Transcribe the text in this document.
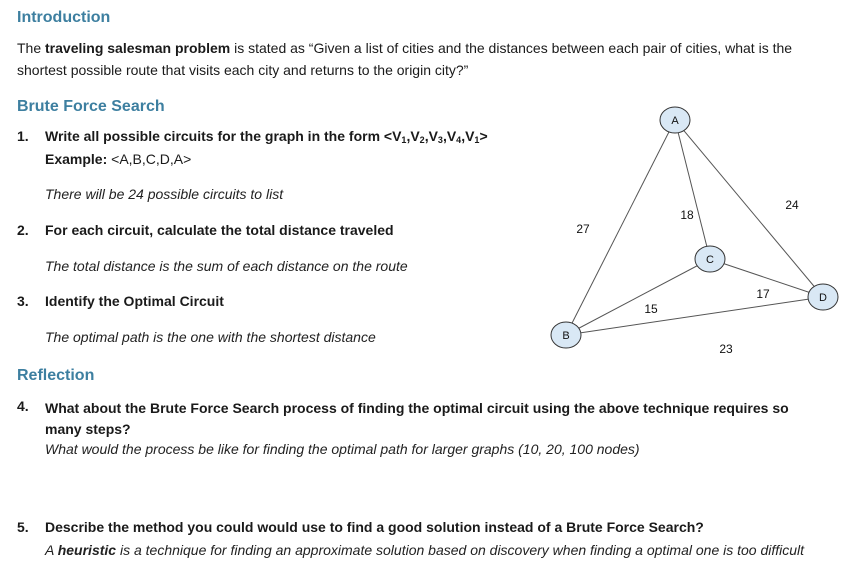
Introduction
The traveling salesman problem is stated as “Given a list of cities and the distances between each pair of cities, what is the
shortest possible route that visits each city and returns to the origin city?”
Brute Force Search
1. Write all possible circuits for the graph in the form $<V_1,V_2,V_3,V_4,V_1>$
Example: <A,B,C,D,A>
There will be 24 possible circuits to list
2. For each circuit, calculate the total distance traveled
The total distance is the sum of each distance on the route
3. Identify the Optimal Circuit
The optimal path is the one with the shortest distance
A
B
C
D
27
18
24
15
17
23
Reflection
4. What about the Brute Force Search process of finding the optimal circuit using the above technique requires so
many steps?
What would the process be like for finding the optimal path for larger graphs (10, 20, 100 nodes)
5. Describe the method you could would use to find a good solution instead of a Brute Force Search?
A heuristic is a technique for finding an approximate solution based on discovery when finding a optimal one is too difficult
